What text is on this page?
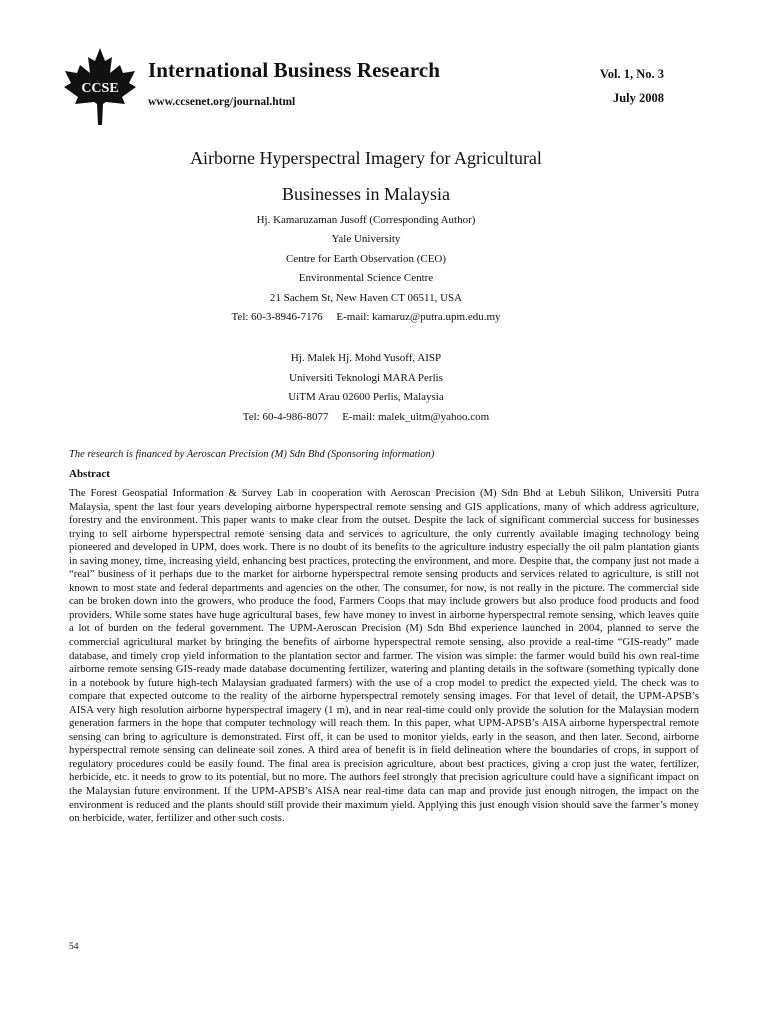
CCSE
International Business Research
www.ccsenet.org/journal.html
Vol. 1, No. 3
July 2008
Airborne Hyperspectral Imagery for Agricultural
Businesses in Malaysia
Hj. Kamaruzaman Jusoff (Corresponding Author)
Yale University
Centre for Earth Observation (CEO)
Environmental Science Centre
21 Sachem St, New Haven CT 06511, USA
Tel: 60-3-8946-7176     E-mail: kamaruz@putra.upm.edu.my
Hj. Malek Hj. Mohd Yusoff, AISP
Universiti Teknologi MARA Perlis
UiTM Arau 02600 Perlis, Malaysia
Tel: 60-4-986-8077     E-mail: malek_uitm@yahoo.com
The research is financed by Aeroscan Precision (M) Sdn Bhd (Sponsoring information)
Abstract

The Forest Geospatial Information & Survey Lab in cooperation with Aeroscan Precision (M) Sdn Bhd at Lebuh Silikon, Universiti Putra Malaysia, spent the last four years developing airborne hyperspectral remote sensing and GIS applications, many of which address agriculture, forestry and the environment. This paper wants to make clear from the outset. Despite the lack of significant commercial success for businesses trying to sell airborne hyperspectral remote sensing data and services to agriculture, the only currently available imaging technology being pioneered and developed in UPM, does work. There is no doubt of its benefits to the agriculture industry especially the oil palm plantation giants in saving money, time, increasing yield, enhancing best practices, protecting the environment, and more. Despite that, the company just not made a “real” business of it perhaps due to the market for airborne hyperspectral remote sensing products and services related to agriculture, is still not known to most state and federal departments and agencies on the other. The consumer, for now, is not really in the picture. The commercial side can be broken down into the growers, who produce the food, Farmers Coops that may include growers but also produce food products and food providers. While some states have huge agricultural bases, few have money to invest in airborne hyperspectral remote sensing, which leaves quite a lot of burden on the federal government. The UPM-Aeroscan Precision (M) Sdn Bhd experience launched in 2004, planned to serve the commercial agricultural market by bringing the benefits of airborne hyperspectral remote sensing, also provide a real-time “GIS-ready” made database, and timely crop yield information to the plantation sector and farmer. The vision was simple: the farmer would build his own real-time airborne remote sensing GIS-ready made database documenting fertilizer, watering and planting details in the software (something typically done in a notebook by future high-tech Malaysian graduated farmers) with the use of a crop model to predict the expected yield. The check was to compare that expected outcome to the reality of the airborne hyperspectral remotely sensing images. For that level of detail, the UPM-APSB’s AISA very high resolution airborne hyperspectral imagery (1 m), and in near real-time could only provide the solution for the Malaysian modern generation farmers in the hope that computer technology will reach them. In this paper, what UPM-APSB’s AISA airborne hyperspectral remote sensing can bring to agriculture is demonstrated. First off, it can be used to monitor yields, early in the season, and then later. Second, airborne hyperspectral remote sensing can delineate soil zones. A third area of benefit is in field delineation where the boundaries of crops, in support of regulatory procedures could be easily found. The final area is precision agriculture, about best practices, giving a crop just the water, fertilizer, herbicide, etc. it needs to grow to its potential, but no more. The authors feel strongly that precision agriculture could have a significant impact on the Malaysian future environment. If the UPM-APSB’s AISA near real-time data can map and provide just enough nitrogen, the impact on the environment is reduced and the plants should still provide their maximum yield. Applying this just enough vision should save the farmer’s money on herbicide, water, fertilizer and other such costs.

54
